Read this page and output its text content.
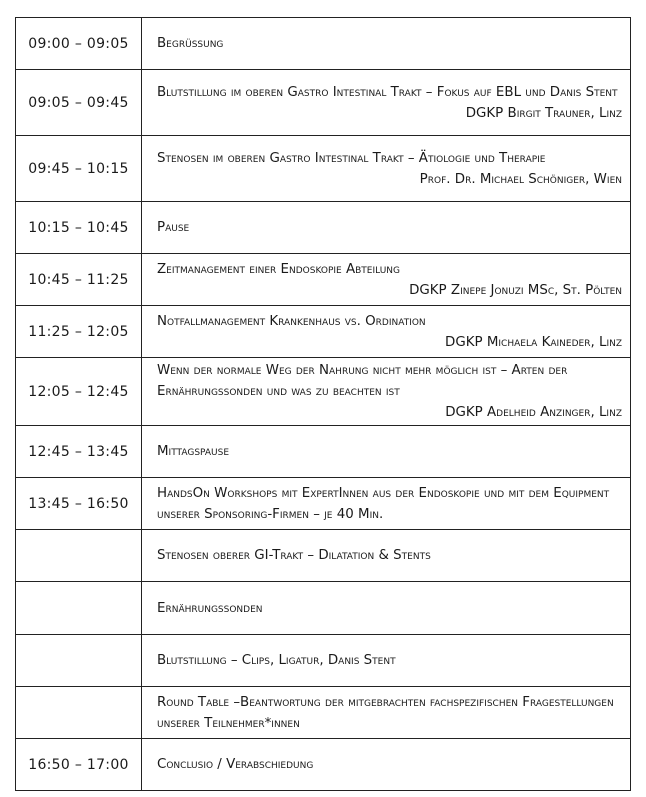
09:00 – 09:05	Begrüßung

09:05 – 09:45	Blutstillung im oberen Gastro Intestinal Trakt – Fokus auf EBL und Danis Stent
DGKP Birgit Trauner, Linz

09:45 – 10:15	Stenosen im oberen Gastro Intestinal Trakt – Ätiologie und Therapie
Prof. Dr. Michael Schöniger, Wien

10:15 – 10:45	Pause

10:45 – 11:25	Zeitmanagement einer Endoskopie Abteilung
DGKP Zinepe Jonuzi MSc, St. Pölten

11:25 – 12:05	Notfallmanagement Krankenhaus vs. Ordination
DGKP Michaela Kaineder, Linz

12:05 – 12:45	Wenn der normale Weg der Nahrung nicht mehr möglich ist – Arten der Ernährungssonden und was zu beachten ist
DGKP Adelheid Anzinger, Linz

12:45 – 13:45	Mittagspause

13:45 – 16:50	HandsOn Workshops mit ExpertInnen aus der Endoskopie und mit dem Equipment unserer Sponsoring-Firmen – je 40 Min.

	Stenosen oberer GI-Trakt – Dilatation & Stents

	Ernährungssonden

	Blutstillung – Clips, Ligatur, Danis Stent

	Round Table –Beantwortung der mitgebrachten fachspezifischen Fragestellungen unserer Teilnehmer*innen

16:50 – 17:00	Conclusio / Verabschiedung
